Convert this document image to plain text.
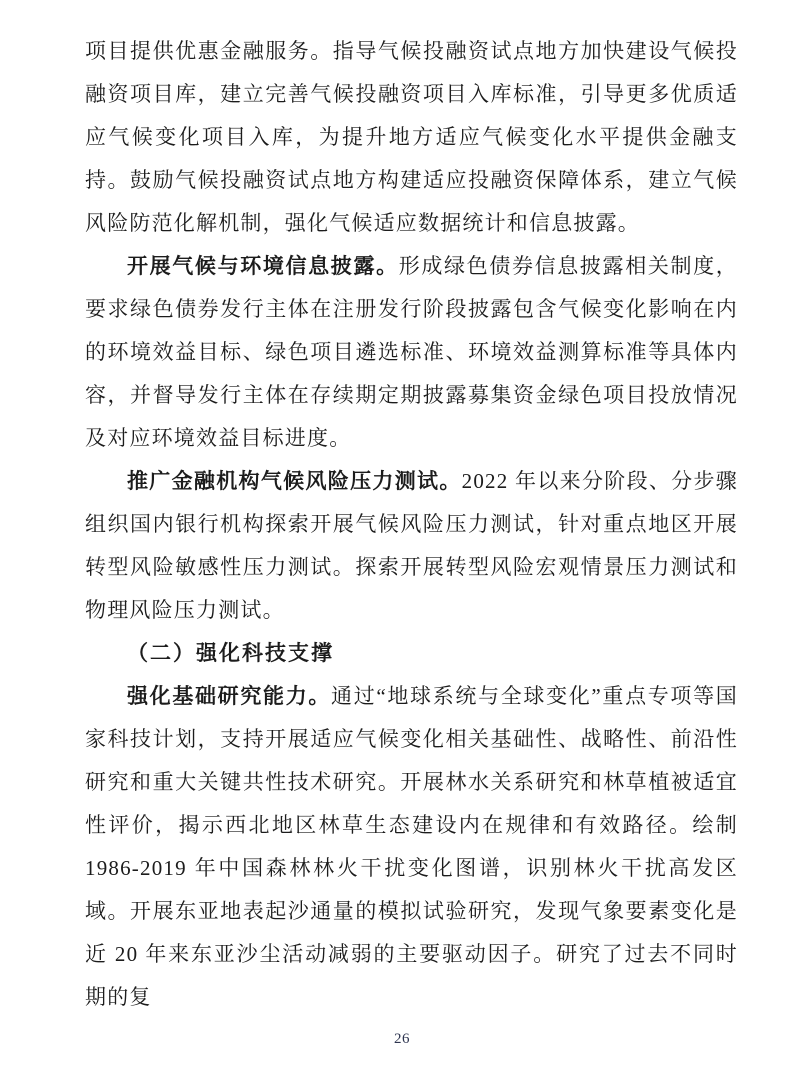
项目提供优惠金融服务。指导气候投融资试点地方加快建设气候投融资项目库，建立完善气候投融资项目入库标准，引导更多优质适应气候变化项目入库，为提升地方适应气候变化水平提供金融支持。鼓励气候投融资试点地方构建适应投融资保障体系，建立气候风险防范化解机制，强化气候适应数据统计和信息披露。

开展气候与环境信息披露。形成绿色债券信息披露相关制度，要求绿色债券发行主体在注册发行阶段披露包含气候变化影响在内的环境效益目标、绿色项目遴选标准、环境效益测算标准等具体内容，并督导发行主体在存续期定期披露募集资金绿色项目投放情况及对应环境效益目标进度。

推广金融机构气候风险压力测试。2022 年以来分阶段、分步骤组织国内银行机构探索开展气候风险压力测试，针对重点地区开展转型风险敏感性压力测试。探索开展转型风险宏观情景压力测试和物理风险压力测试。

（二）强化科技支撑

强化基础研究能力。通过“地球系统与全球变化”重点专项等国家科技计划，支持开展适应气候变化相关基础性、战略性、前沿性研究和重大关键共性技术研究。开展林水关系研究和林草植被适宜性评价，揭示西北地区林草生态建设内在规律和有效路径。绘制 1986-2019 年中国森林林火干扰变化图谱，识别林火干扰高发区域。开展东亚地表起沙通量的模拟试验研究，发现气象要素变化是近 20 年来东亚沙尘活动减弱的主要驱动因子。研究了过去不同时期的复

26
